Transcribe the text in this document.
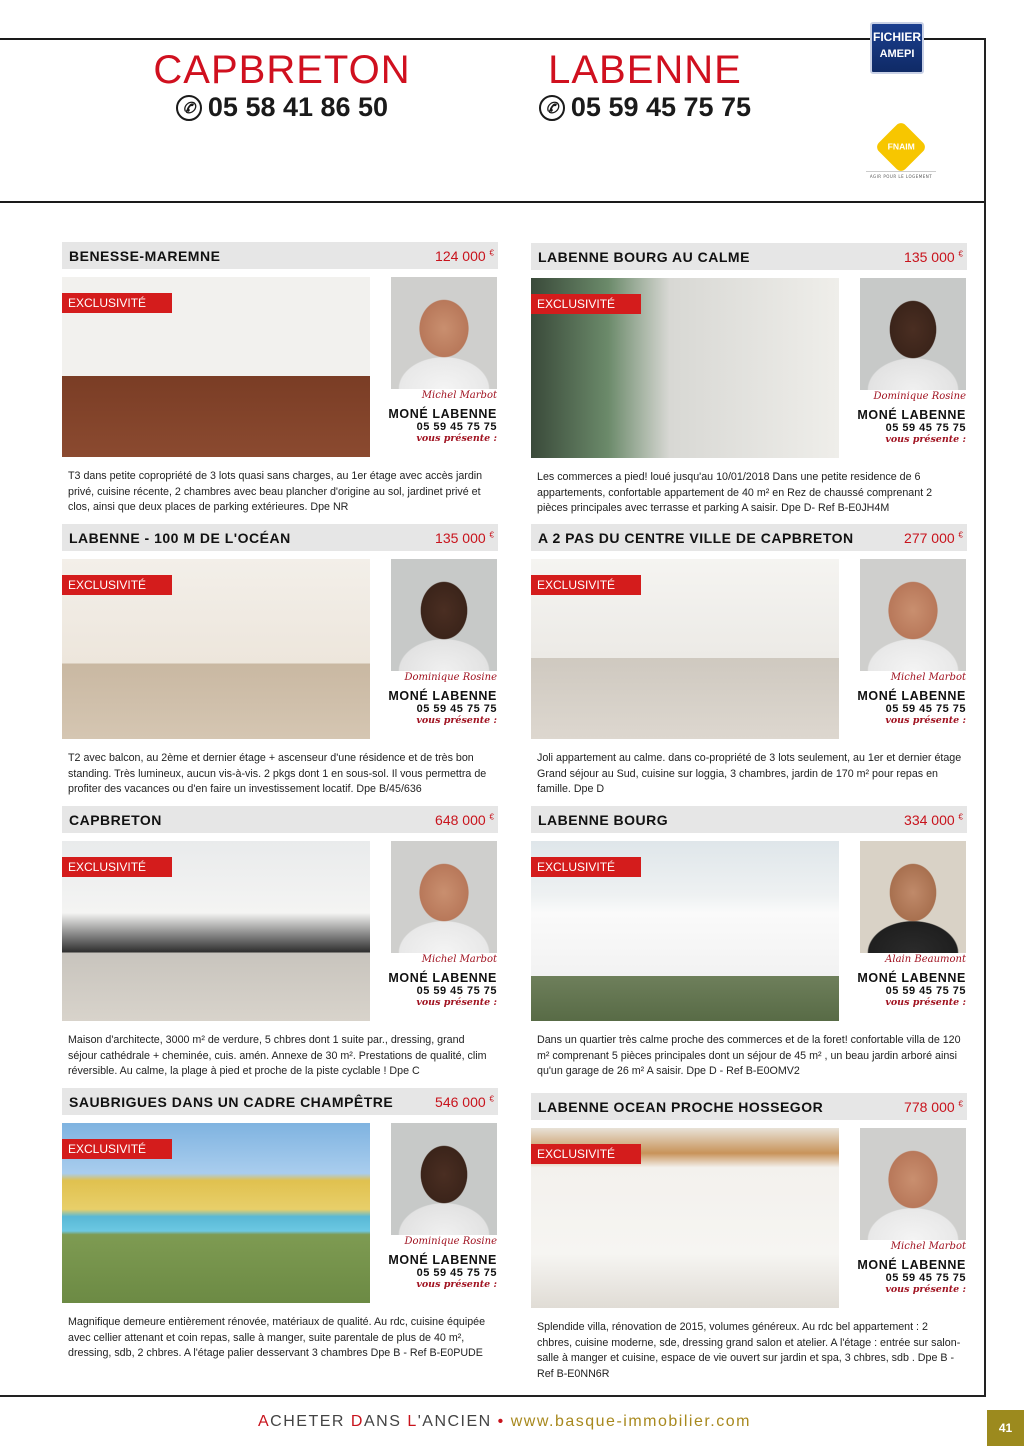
CAPBRETON
✆ 05 58 41 86 50
LABENNE
✆ 05 59 45 75 75
FICHIER
AMEPI
FNAIM
AGIR POUR LE LOGEMENT
BENESSE-MAREMNE	124 000 €
EXCLUSIVITÉ
Michel Marbot
MONÉ LABENNE
05 59 45 75 75
vous présente :
T3 dans petite copropriété de 3 lots quasi sans charges, au 1er étage avec accès jardin privé, cuisine récente, 2 chambres avec beau plancher d'origine au sol, jardinet privé et clos, ainsi que deux places de parking extérieures. Dpe NR
LABENNE BOURG AU CALME	135 000 €
EXCLUSIVITÉ
Dominique Rosine
MONÉ LABENNE
05 59 45 75 75
vous présente :
Les commerces a pied! loué jusqu'au 10/01/2018 Dans une petite residence de 6 appartements, confortable appartement de 40 m² en Rez de chaussé comprenant 2 pièces principales avec terrasse et parking A saisir. Dpe D- Ref B-E0JH4M
LABENNE - 100 M DE L'OCÉAN	135 000 €
EXCLUSIVITÉ
Dominique Rosine
MONÉ LABENNE
05 59 45 75 75
vous présente :
T2 avec balcon, au 2ème et dernier étage + ascenseur d'une résidence et de très bon standing. Très lumineux, aucun vis-à-vis. 2 pkgs dont 1 en sous-sol. Il vous permettra de profiter des vacances ou d'en faire un investissement locatif. Dpe B/45/636
A 2 PAS DU CENTRE VILLE DE CAPBRETON	277 000 €
EXCLUSIVITÉ
Michel Marbot
MONÉ LABENNE
05 59 45 75 75
vous présente :
Joli appartement au calme. dans co-propriété de 3 lots seulement, au 1er et dernier étage Grand séjour au Sud, cuisine sur loggia, 3 chambres, jardin de 170 m² pour repas en famille. Dpe D
CAPBRETON	648 000 €
EXCLUSIVITÉ
Michel Marbot
MONÉ LABENNE
05 59 45 75 75
vous présente :
Maison d'architecte, 3000 m² de verdure, 5 chbres dont 1 suite par., dressing, grand séjour cathédrale + cheminée, cuis. amén. Annexe de 30 m². Prestations de qualité, clim réversible. Au calme, la plage à pied et proche de la piste cyclable ! Dpe C
LABENNE BOURG	334 000 €
EXCLUSIVITÉ
Alain Beaumont
MONÉ LABENNE
05 59 45 75 75
vous présente :
Dans un quartier très calme proche des commerces et de la foret! confortable villa de 120 m² comprenant 5 pièces principales dont un séjour de 45 m² , un beau jardin arboré ainsi qu'un garage de 26 m² A saisir. Dpe D - Ref B-E0OMV2
SAUBRIGUES DANS UN CADRE CHAMPÊTRE	546 000 €
EXCLUSIVITÉ
Dominique Rosine
MONÉ LABENNE
05 59 45 75 75
vous présente :
Magnifique demeure entièrement rénovée, matériaux de qualité. Au rdc, cuisine équipée avec cellier attenant et coin repas, salle à manger, suite parentale de plus de 40 m², dressing, sdb, 2 chbres. A l'étage palier desservant 3 chambres Dpe B - Ref B-E0PUDE
LABENNE OCEAN PROCHE HOSSEGOR	778 000 €
EXCLUSIVITÉ
Michel Marbot
MONÉ LABENNE
05 59 45 75 75
vous présente :
Splendide villa, rénovation de 2015, volumes généreux. Au rdc bel appartement : 2 chbres, cuisine moderne, sde, dressing grand salon et atelier. A l'étage : entrée sur salon-salle à manger et cuisine, espace de vie ouvert sur jardin et spa, 3 chbres, sdb . Dpe B - Ref B-E0NN6R
ACHETER DANS L'ANCIEN • www.basque-immobilier.com	41
